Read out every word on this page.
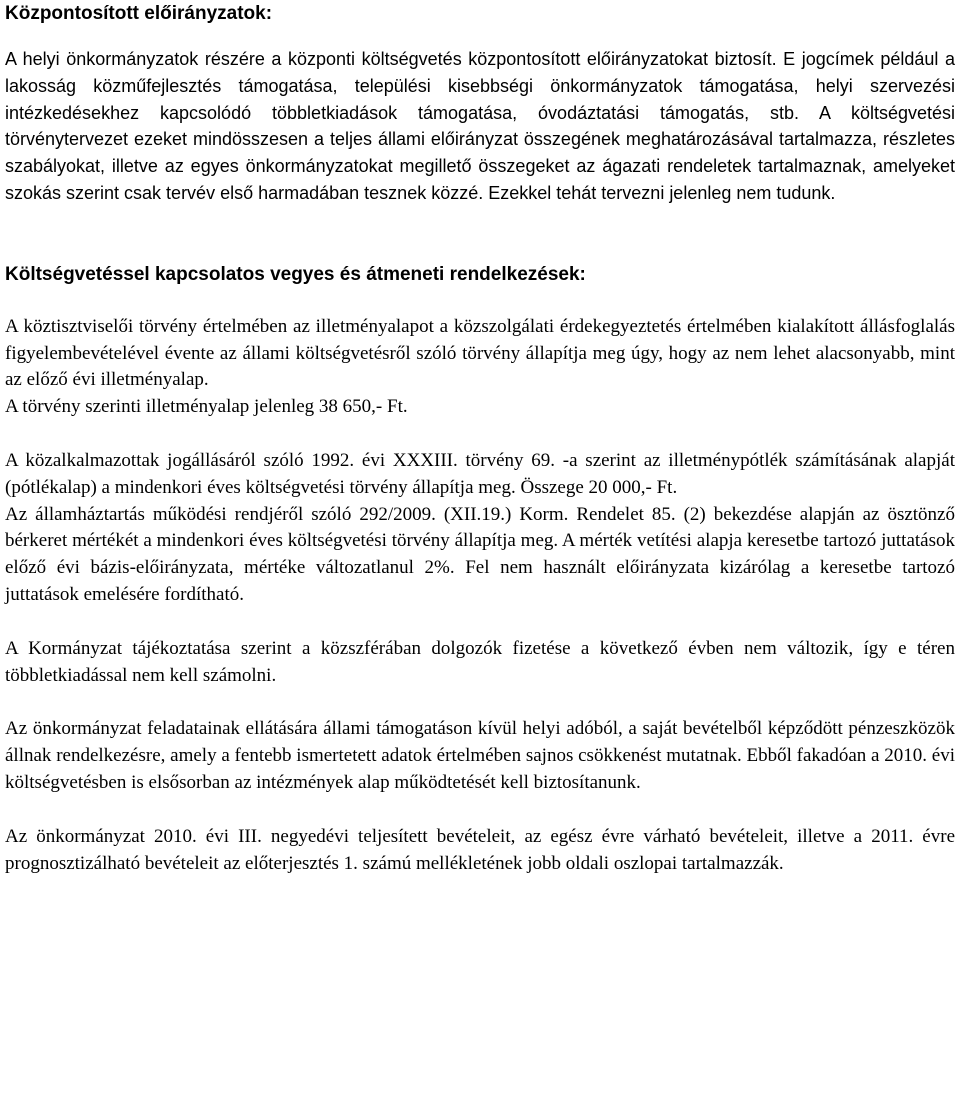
Központosított előirányzatok:

A helyi önkormányzatok részére a központi költségvetés központosított előirányzatokat biztosít. E jogcímek például a lakosság közműfejlesztés támogatása, települési kisebbségi önkormányzatok támogatása, helyi szervezési intézkedésekhez kapcsolódó többletkiadások támogatása, óvodáztatási támogatás, stb. A költségvetési törvénytervezet ezeket mindösszesen a teljes állami előirányzat összegének meghatározásával tartalmazza, részletes szabályokat, illetve az egyes önkormányzatokat megillető összegeket az ágazati rendeletek tartalmaznak, amelyeket szokás szerint csak tervév első harmadában tesznek közzé. Ezekkel tehát tervezni jelenleg nem tudunk.

Költségvetéssel kapcsolatos vegyes és átmeneti rendelkezések:

A köztisztviselői törvény értelmében az illetményalapot a közszolgálati érdekegyeztetés értelmében kialakított állásfoglalás figyelembevételével évente az állami költségvetésről szóló törvény állapítja meg úgy, hogy az nem lehet alacsonyabb, mint az előző évi illetményalap.

A törvény szerinti illetményalap jelenleg 38 650,- Ft.

A közalkalmazottak jogállásáról szóló 1992. évi XXXIII. törvény 69. -a szerint az illetménypótlék számításának alapját (pótlékalap) a mindenkori éves költségvetési törvény állapítja meg. Összege 20 000,- Ft.

Az államháztartás működési rendjéről szóló 292/2009. (XII.19.) Korm. Rendelet 85. (2) bekezdése alapján az ösztönző bérkeret mértékét a mindenkori éves költségvetési törvény állapítja meg. A mérték vetítési alapja keresetbe tartozó juttatások előző évi bázis-előirányzata, mértéke változatlanul 2%. Fel nem használt előirányzata kizárólag a keresetbe tartozó juttatások emelésére fordítható.

A Kormányzat tájékoztatása szerint a közszférában dolgozók fizetése a következő évben nem változik, így e téren többletkiadással nem kell számolni.

Az önkormányzat feladatainak ellátására állami támogatáson kívül helyi adóból, a saját bevételből képződött pénzeszközök állnak rendelkezésre, amely a fentebb ismertetett adatok értelmében sajnos csökkenést mutatnak. Ebből fakadóan a 2010. évi költségvetésben is elsősorban az intézmények alap működtetését kell biztosítanunk.

Az önkormányzat 2010. évi III. negyedévi teljesített bevételeit, az egész évre várható bevételeit, illetve a 2011. évre prognosztizálható bevételeit az előterjesztés 1. számú mellékletének jobb oldali oszlopai tartalmazzák.
